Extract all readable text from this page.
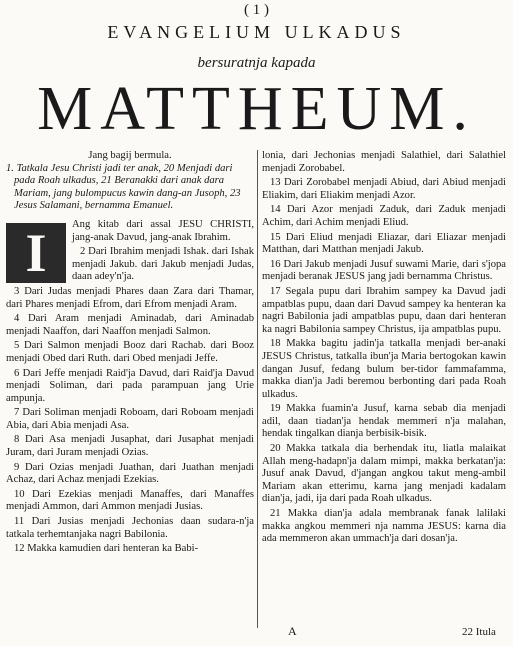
( 1 )
EVANGELIUM ULKADUS
bersuratnja kapada
MATTHEUM.
Jang bagij bermula.
1. Tatkala Jesu Christi jadi ter anak, 20 Menjadi dari pada Roah ulkadus, 21 Beranakki dari anak dara Mariam, jang bulompucus kawin dang-an Jusoph, 23 Jesus Salamani, bernamma Emanuel.
I	Ang kitab dari assal JESU CHRISTI, jang-anak Davud, jang-anak Ibrahim.

2 Dari Ibrahim menjadi Ishak. dari Ishak menjadi Jakub. dari Jakub menjadi Judas, daan adey'n'ja.

3 Dari Judas menjadi Phares daan Zara dari Thamar, dari Phares menjadi Efrom, dari Efrom menjadi Aram.

4 Dari Aram menjadi Aminadab, dari Aminadab menjadi Naaffon, dari Naaffon menjadi Salmon.

5 Dari Salmon menjadi Booz dari Rachab. dari Booz menjadi Obed dari Ruth. dari Obed menjadi Jeffe.

6 Dari Jeffe menjadi Raid'ja Davud, dari Raid'ja Davud menjadi Soliman, dari pada parampuan jang Urie ampunja.

7 Dari Soliman menjadi Roboam, dari Roboam menjadi Abia, dari Abia menjadi Asa.

8 Dari Asa menjadi Jusaphat, dari Jusaphat menjadi Juram, dari Juram menjadi Ozias.

9 Dari Ozias menjadi Juathan, dari Juathan menjadi Achaz, dari Achaz menjadi Ezekias.

10 Dari Ezekias menjadi Manaffes, dari Manaffes menjadi Ammon, dari Ammon menjadi Jusias.

11 Dari Jusias menjadi Jechonias daan sudara-n'ja tatkala terhemtanjaka nagri Babilonia.

12 Makka kamudien dari henteran ka Babi-

lonia, dari Jechonias menjadi Salathiel, dari Salathiel menjadi Zorobabel.

13 Dari Zorobabel menjadi Abiud, dari Abiud menjadi Eliakim, dari Eliakim menjadi Azor.

14 Dari Azor menjadi Zaduk, dari Zaduk menjadi Achim, dari Achim menjadi Eliud.

15 Dari Eliud menjadi Eliazar, dari Eliazar menjadi Matthan, dari Matthan menjadi Jakub.

16 Dari Jakub menjadi Jusuf suwami Marie, dari s'jopa menjadi beranak JESUS jang jadi bernamma Christus.

17 Segala pupu dari Ibrahim sampey ka Davud jadi ampatblas pupu, daan dari Davud sampey ka henteran ka nagri Babilonia jadi ampatblas pupu, daan dari henteran ka nagri Babilonia sampey Christus, ija ampatblas pupu.

18 Makka bagitu jadin'ja tatkalla menjadi ber-anaki JESUS Christus, tatkalla ibun'ja Maria bertogokan kawin dangan Jusuf, fedang bulum ber-tidor fammafamma, makka dian'ja Jadi beremou berbonting dari pada Roah ulkadus.

19 Makka fuamin'a Jusuf, karna sebab dia menjadi adil, daan tiadan'ja hendak memmeri n'ja malahan, hendak tingalkan dianja berbisik-bisik.

20 Makka tatkala dia berhendak itu, liatla malaikat Allah meng-hadapn'ja dalam mimpi, makka berkatan'ja: Jusuf anak Davud, d'jangan angkou takut meng-ambil Mariam akan etterimu, karna jang menjadi kadalam dian'ja, jadi, ija dari pada Roah ulkadus.

21 Makka dian'ja adala membranak fanak lalilaki makka angkou memmeri nja namma JESUS: karna dia ada memmeron akan ummach'ja dari dosan'ja.

A	22 Itula
